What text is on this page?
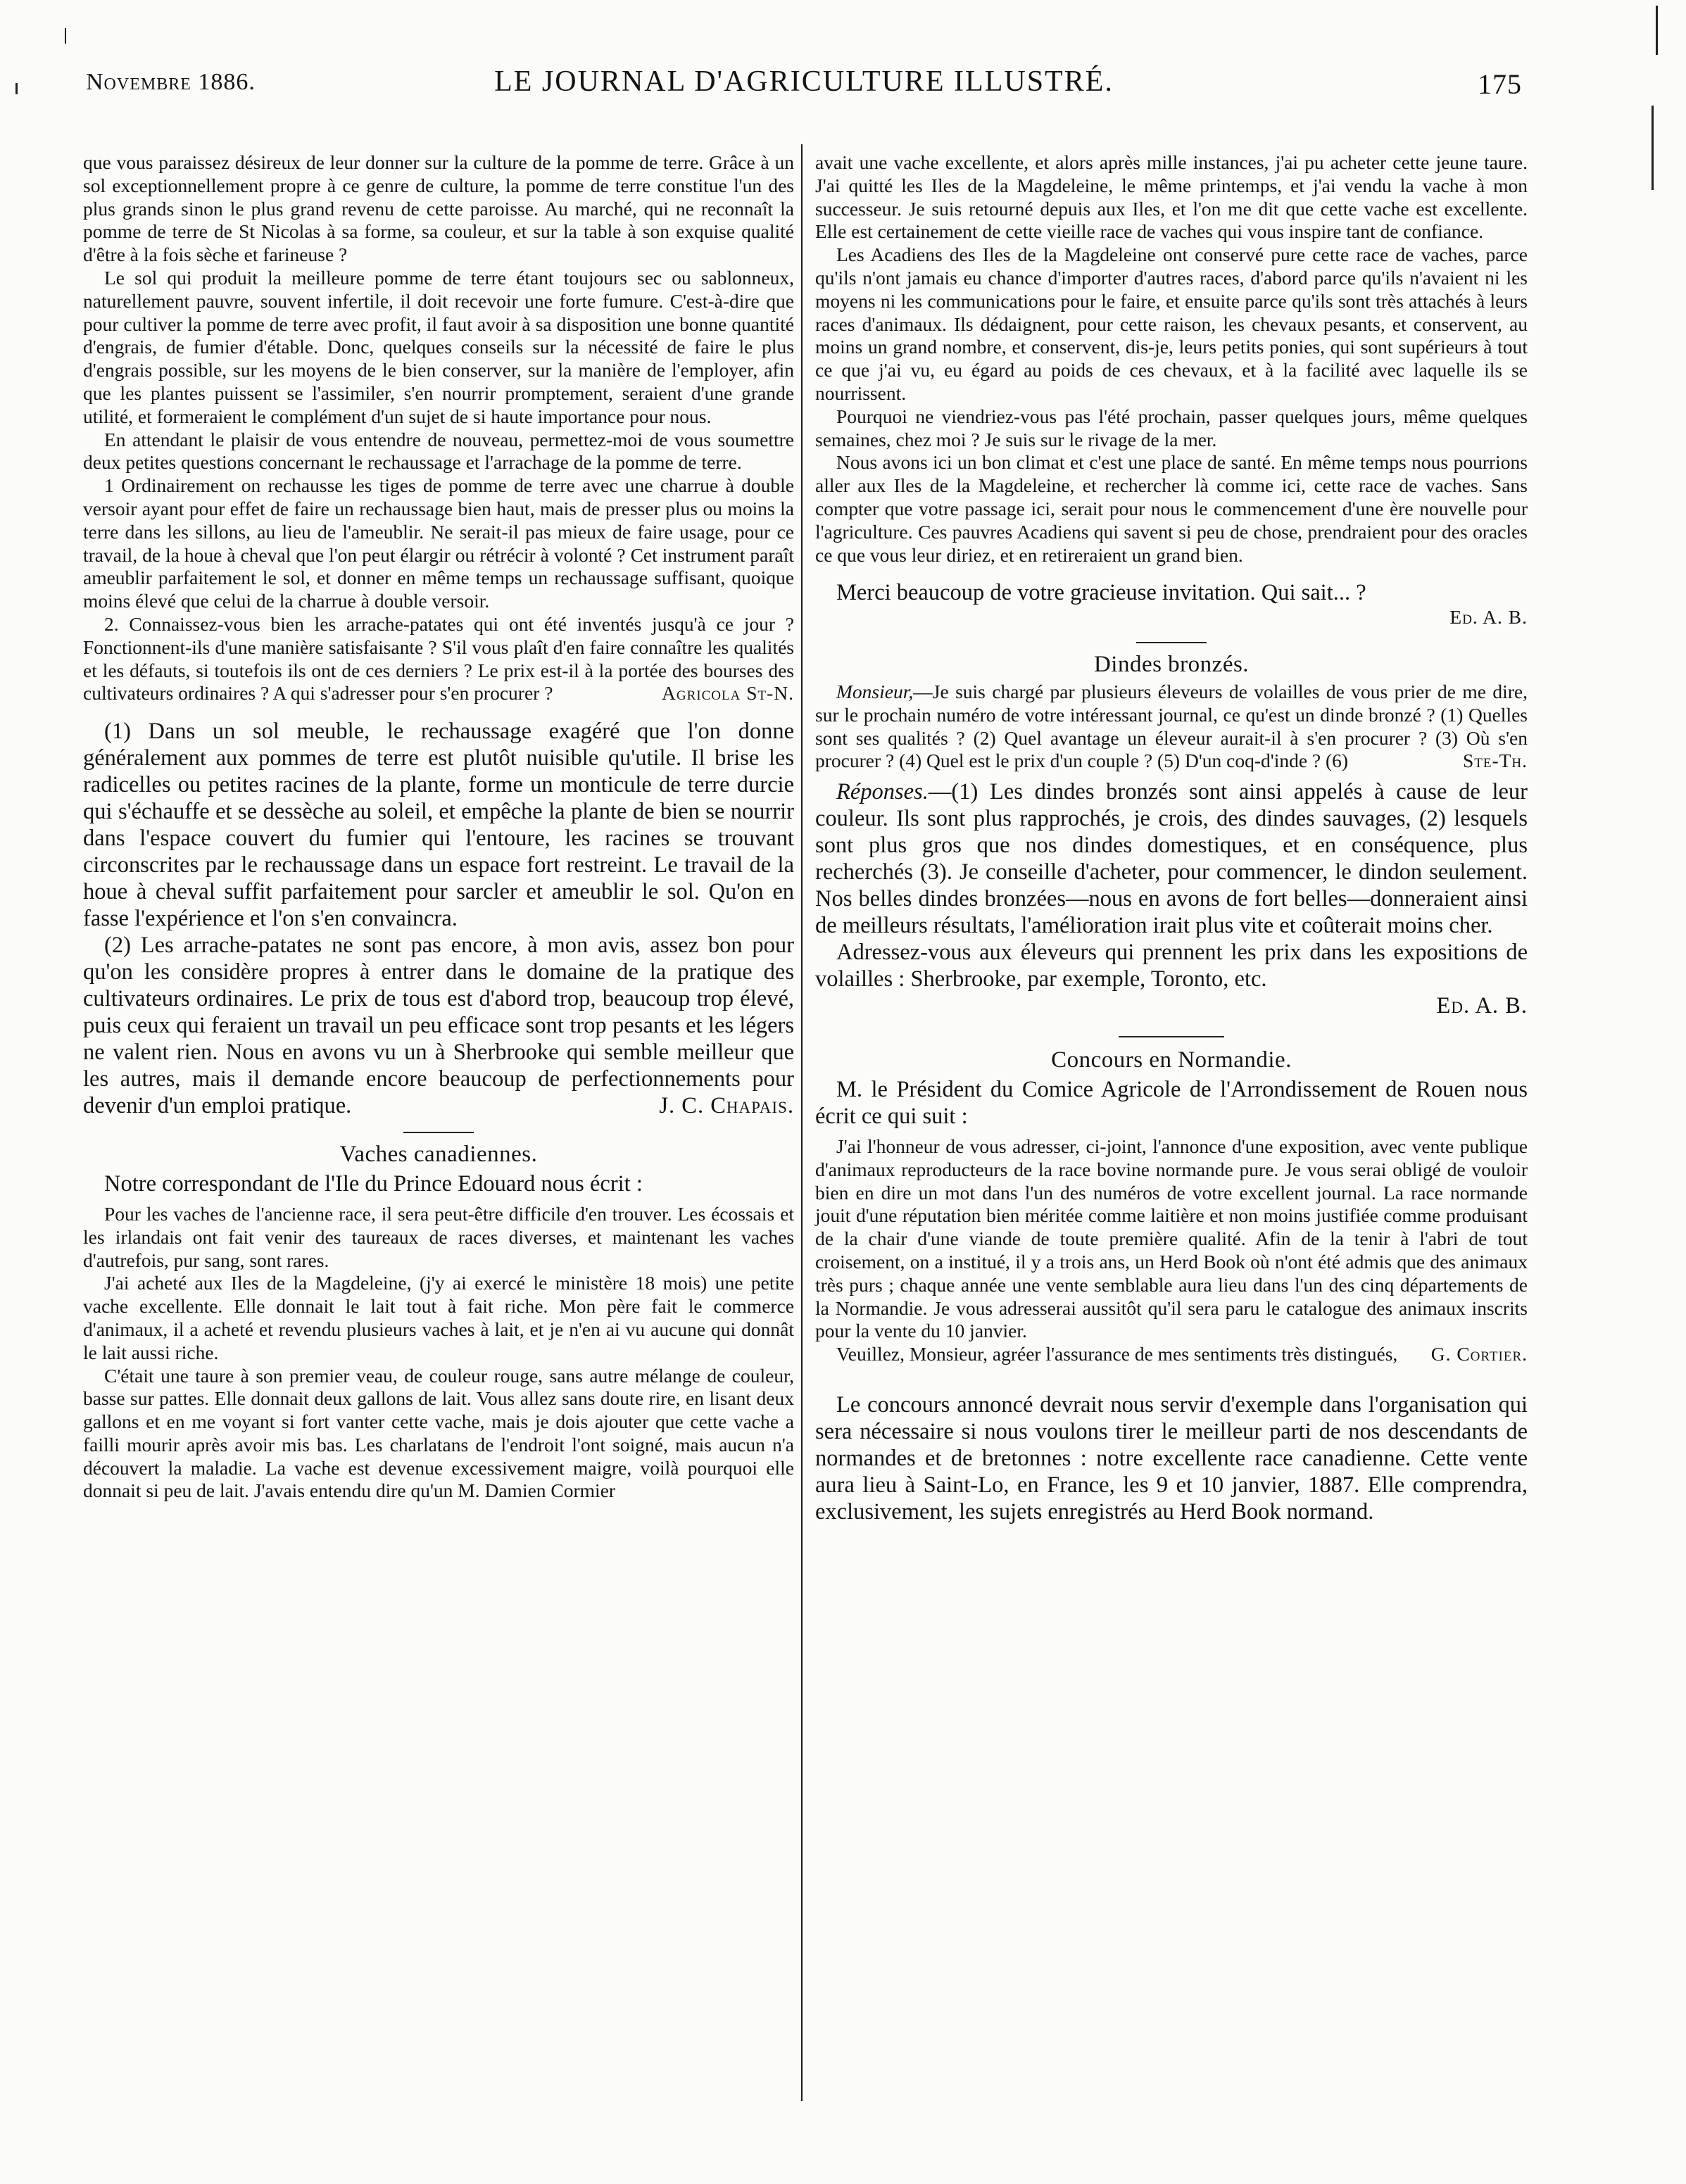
Novembre 1886.	LE JOURNAL D'AGRICULTURE ILLUSTRÉ.	175

que vous paraissez désireux de leur donner sur la culture de la pomme de terre. Grâce à un sol exceptionnellement propre à ce genre de culture, la pomme de terre constitue l'un des plus grands sinon le plus grand revenu de cette paroisse. Au marché, qui ne reconnaît la pomme de terre de St Nicolas à sa forme, sa couleur, et sur la table à son exquise qualité d'être à la fois sèche et farineuse ?

Le sol qui produit la meilleure pomme de terre étant toujours sec ou sablonneux, naturellement pauvre, souvent infertile, il doit recevoir une forte fumure. C'est-à-dire que pour cultiver la pomme de terre avec profit, il faut avoir à sa disposition une bonne quantité d'engrais, de fumier d'étable. Donc, quelques conseils sur la nécessité de faire le plus d'engrais possible, sur les moyens de le bien conserver, sur la manière de l'employer, afin que les plantes puissent se l'assimiler, s'en nourrir promptement, seraient d'une grande utilité, et formeraient le complément d'un sujet de si haute importance pour nous.

En attendant le plaisir de vous entendre de nouveau, permettez-moi de vous soumettre deux petites questions concernant le rechaussage et l'arrachage de la pomme de terre.

1 Ordinairement on rechausse les tiges de pomme de terre avec une charrue à double versoir ayant pour effet de faire un rechaussage bien haut, mais de presser plus ou moins la terre dans les sillons, au lieu de l'ameublir. Ne serait-il pas mieux de faire usage, pour ce travail, de la houe à cheval que l'on peut élargir ou rétrécir à volonté ? Cet instrument paraît ameublir parfaitement le sol, et donner en même temps un rechaussage suffisant, quoique moins élevé que celui de la charrue à double versoir.

2. Connaissez-vous bien les arrache-patates qui ont été inventés jusqu'à ce jour ? Fonctionnent-ils d'une manière satisfaisante ? S'il vous plaît d'en faire connaître les qualités et les défauts, si toutefois ils ont de ces derniers ? Le prix est-il à la portée des bourses des cultivateurs ordinaires ? A qui s'adresser pour s'en procurer ?	Agricola St-N.

(1) Dans un sol meuble, le rechaussage exagéré que l'on donne généralement aux pommes de terre est plutôt nuisible qu'utile. Il brise les radicelles ou petites racines de la plante, forme un monticule de terre durcie qui s'échauffe et se dessèche au soleil, et empêche la plante de bien se nourrir dans l'espace couvert du fumier qui l'entoure, les racines se trouvant circonscrites par le rechaussage dans un espace fort restreint. Le travail de la houe à cheval suffit parfaitement pour sarcler et ameublir le sol. Qu'on en fasse l'expérience et l'on s'en convaincra.

(2) Les arrache-patates ne sont pas encore, à mon avis, assez bon pour qu'on les considère propres à entrer dans le domaine de la pratique des cultivateurs ordinaires. Le prix de tous est d'abord trop, beaucoup trop élevé, puis ceux qui feraient un travail un peu efficace sont trop pesants et les légers ne valent rien. Nous en avons vu un à Sherbrooke qui semble meilleur que les autres, mais il demande encore beaucoup de perfectionnements pour devenir d'un emploi pratique.	J. C. Chapais.

Vaches canadiennes.

Notre correspondant de l'Ile du Prince Edouard nous écrit :

Pour les vaches de l'ancienne race, il sera peut-être difficile d'en trouver. Les écossais et les irlandais ont fait venir des taureaux de races diverses, et maintenant les vaches d'autrefois, pur sang, sont rares.

J'ai acheté aux Iles de la Magdeleine, (j'y ai exercé le ministère 18 mois) une petite vache excellente. Elle donnait le lait tout à fait riche. Mon père fait le commerce d'animaux, il a acheté et revendu plusieurs vaches à lait, et je n'en ai vu aucune qui donnât le lait aussi riche.

C'était une taure à son premier veau, de couleur rouge, sans autre mélange de couleur, basse sur pattes. Elle donnait deux gallons de lait. Vous allez sans doute rire, en lisant deux gallons et en me voyant si fort vanter cette vache, mais je dois ajouter que cette vache a failli mourir après avoir mis bas. Les charlatans de l'endroit l'ont soigné, mais aucun n'a découvert la maladie. La vache est devenue excessivement maigre, voilà pourquoi elle donnait si peu de lait. J'avais entendu dire qu'un M. Damien Cormier

avait une vache excellente, et alors après mille instances, j'ai pu acheter cette jeune taure. J'ai quitté les Iles de la Magdeleine, le même printemps, et j'ai vendu la vache à mon successeur. Je suis retourné depuis aux Iles, et l'on me dit que cette vache est excellente. Elle est certainement de cette vieille race de vaches qui vous inspire tant de confiance.

Les Acadiens des Iles de la Magdeleine ont conservé pure cette race de vaches, parce qu'ils n'ont jamais eu chance d'importer d'autres races, d'abord parce qu'ils n'avaient ni les moyens ni les communications pour le faire, et ensuite parce qu'ils sont très attachés à leurs races d'animaux. Ils dédaignent, pour cette raison, les chevaux pesants, et conservent, au moins un grand nombre, et conservent, dis-je, leurs petits ponies, qui sont supérieurs à tout ce que j'ai vu, eu égard au poids de ces chevaux, et à la facilité avec laquelle ils se nourrissent.

Pourquoi ne viendriez-vous pas l'été prochain, passer quelques jours, même quelques semaines, chez moi ? Je suis sur le rivage de la mer.

Nous avons ici un bon climat et c'est une place de santé. En même temps nous pourrions aller aux Iles de la Magdeleine, et rechercher là comme ici, cette race de vaches. Sans compter que votre passage ici, serait pour nous le commencement d'une ère nouvelle pour l'agriculture. Ces pauvres Acadiens qui savent si peu de chose, prendraient pour des oracles ce que vous leur diriez, et en retireraient un grand bien.

Merci beaucoup de votre gracieuse invitation. Qui sait... ?

Ed. A. B.
Dindes bronzés.

Monsieur,—Je suis chargé par plusieurs éleveurs de volailles de vous prier de me dire, sur le prochain numéro de votre intéressant journal, ce qu'est un dinde bronzé ? (1) Quelles sont ses qualités ? (2) Quel avantage un éleveur aurait-il à s'en procurer ? (3) Où s'en procurer ? (4) Quel est le prix d'un couple ? (5) D'un coq-d'inde ? (6)	Ste-Th.

Réponses.—(1) Les dindes bronzés sont ainsi appelés à cause de leur couleur. Ils sont plus rapprochés, je crois, des dindes sauvages, (2) lesquels sont plus gros que nos dindes domestiques, et en conséquence, plus recherchés (3). Je conseille d'acheter, pour commencer, le dindon seulement. Nos belles dindes bronzées—nous en avons de fort belles—donneraient ainsi de meilleurs résultats, l'amélioration irait plus vite et coûterait moins cher.

Adressez-vous aux éleveurs qui prennent les prix dans les expositions de volailles : Sherbrooke, par exemple, Toronto, etc.

Ed. A. B.
Concours en Normandie.

M. le Président du Comice Agricole de l'Arrondissement de Rouen nous écrit ce qui suit :

J'ai l'honneur de vous adresser, ci-joint, l'annonce d'une exposition, avec vente publique d'animaux reproducteurs de la race bovine normande pure. Je vous serai obligé de vouloir bien en dire un mot dans l'un des numéros de votre excellent journal. La race normande jouit d'une réputation bien méritée comme laitière et non moins justifiée comme produisant de la chair d'une viande de toute première qualité. Afin de la tenir à l'abri de tout croisement, on a institué, il y a trois ans, un Herd Book où n'ont été admis que des animaux très purs ; chaque année une vente semblable aura lieu dans l'un des cinq départements de la Normandie. Je vous adresserai aussitôt qu'il sera paru le catalogue des animaux inscrits pour la vente du 10 janvier.

Veuillez, Monsieur, agréer l'assurance de mes sentiments très distingués,	G. Cortier.

Le concours annoncé devrait nous servir d'exemple dans l'organisation qui sera nécessaire si nous voulons tirer le meilleur parti de nos descendants de normandes et de bretonnes : notre excellente race canadienne. Cette vente aura lieu à Saint-Lo, en France, les 9 et 10 janvier, 1887. Elle comprendra, exclusivement, les sujets enregistrés au Herd Book normand.
